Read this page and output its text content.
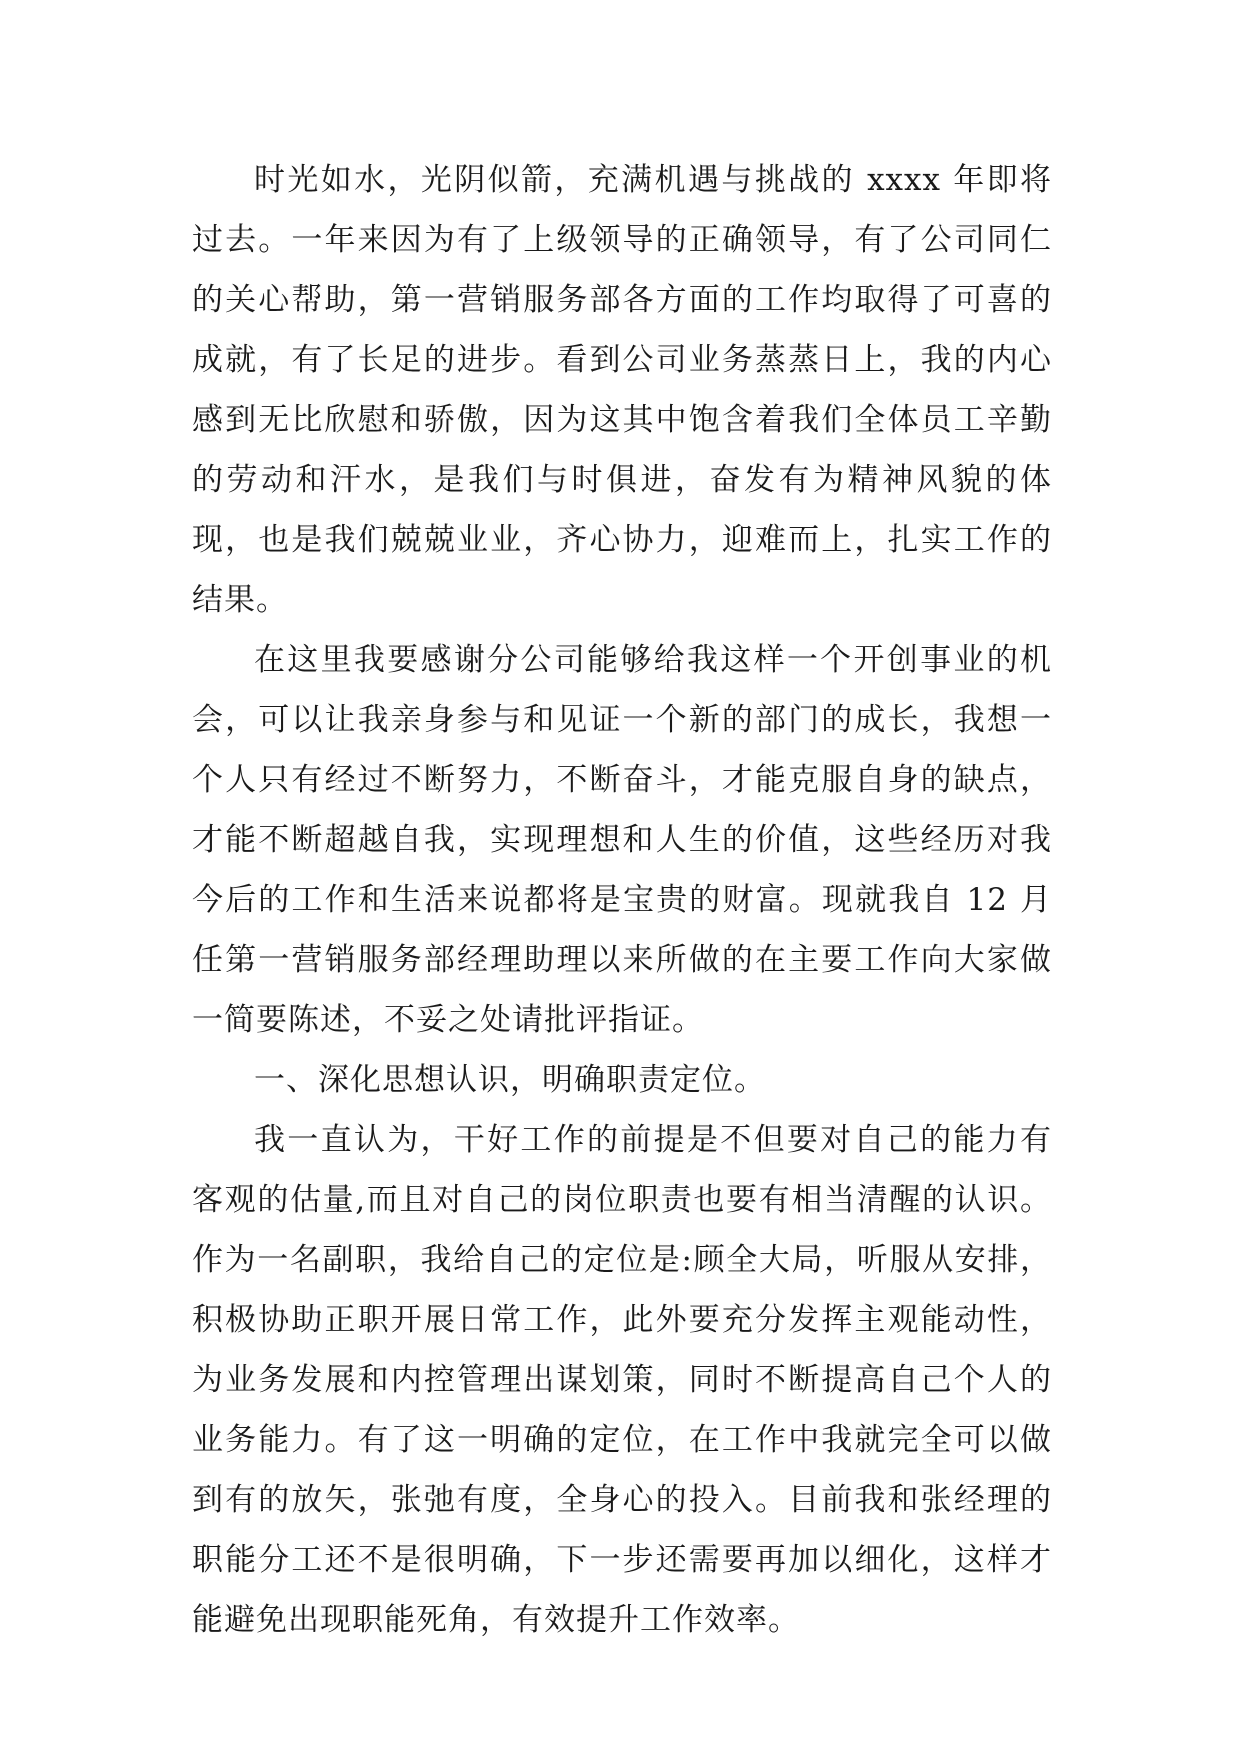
时光如水，光阴似箭，充满机遇与挑战的 xxxx 年即将过去。一年来因为有了上级领导的正确领导，有了公司同仁的关心帮助，第一营销服务部各方面的工作均取得了可喜的成就，有了长足的进步。看到公司业务蒸蒸日上，我的内心感到无比欣慰和骄傲，因为这其中饱含着我们全体员工辛勤的劳动和汗水，是我们与时俱进，奋发有为精神风貌的体现，也是我们兢兢业业，齐心协力，迎难而上，扎实工作的结果。

在这里我要感谢分公司能够给我这样一个开创事业的机会，可以让我亲身参与和见证一个新的部门的成长，我想一个人只有经过不断努力，不断奋斗，才能克服自身的缺点，才能不断超越自我，实现理想和人生的价值，这些经历对我今后的工作和生活来说都将是宝贵的财富。现就我自 12 月任第一营销服务部经理助理以来所做的在主要工作向大家做一简要陈述，不妥之处请批评指证。

一、深化思想认识，明确职责定位。

我一直认为，干好工作的前提是不但要对自己的能力有客观的估量,而且对自己的岗位职责也要有相当清醒的认识。作为一名副职，我给自己的定位是:顾全大局，听服从安排，积极协助正职开展日常工作，此外要充分发挥主观能动性，为业务发展和内控管理出谋划策，同时不断提高自己个人的业务能力。有了这一明确的定位，在工作中我就完全可以做到有的放矢，张弛有度，全身心的投入。目前我和张经理的职能分工还不是很明确，下一步还需要再加以细化，这样才能避免出现职能死角，有效提升工作效率。
